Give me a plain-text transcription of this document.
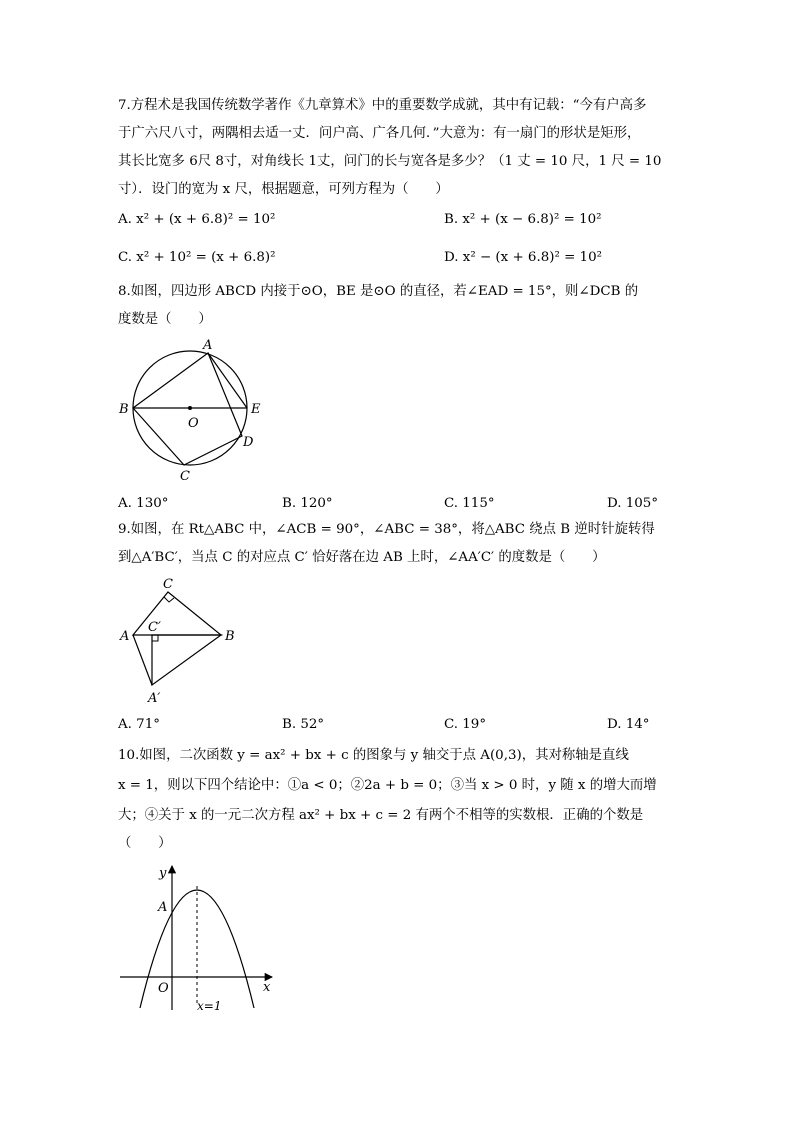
7.方程术是我国传统数学著作《九章算术》中的重要数学成就，其中有记载：“今有户高多
于广六尺八寸，两隅相去适一丈．问户高、广各几何．”大意为：有一扇门的形状是矩形，
其长比宽多 6尺 8寸，对角线长 1丈，问门的长与宽各是多少？（1 丈 = 10 尺，1 尺 = 10
寸）．设门的宽为 x 尺，根据题意，可列方程为（　　）
A. x² + (x + 6.8)² = 10²	B. x² + (x − 6.8)² = 10²
C. x² + 10² = (x + 6.8)²	D. x² − (x + 6.8)² = 10²
8.如图，四边形 ABCD 内接于⊙O，BE 是⊙O 的直径，若∠EAD = 15°，则∠DCB 的
度数是（　　）
A
B
O
E
D
C
A. 130°	B. 120°	C. 115°	D. 105°
9.如图，在 Rt△ABC 中，∠ACB = 90°，∠ABC = 38°，将△ABC 绕点 B 逆时针旋转得
到△A′BC′，当点 C 的对应点 C′ 恰好落在边 AB 上时，∠AA′C′ 的度数是（　　）
C
A
C′
B
A′
A. 71°	B. 52°	C. 19°	D. 14°
10.如图，二次函数 y = ax² + bx + c 的图象与 y 轴交于点 A(0,3)，其对称轴是直线
x = 1，则以下四个结论中：①a < 0；②2a + b = 0；③当 x > 0 时，y 随 x 的增大而增
大；④关于 x 的一元二次方程 ax² + bx + c = 2 有两个不相等的实数根．正确的个数是
（　　）
y
A
O	x
x=1
